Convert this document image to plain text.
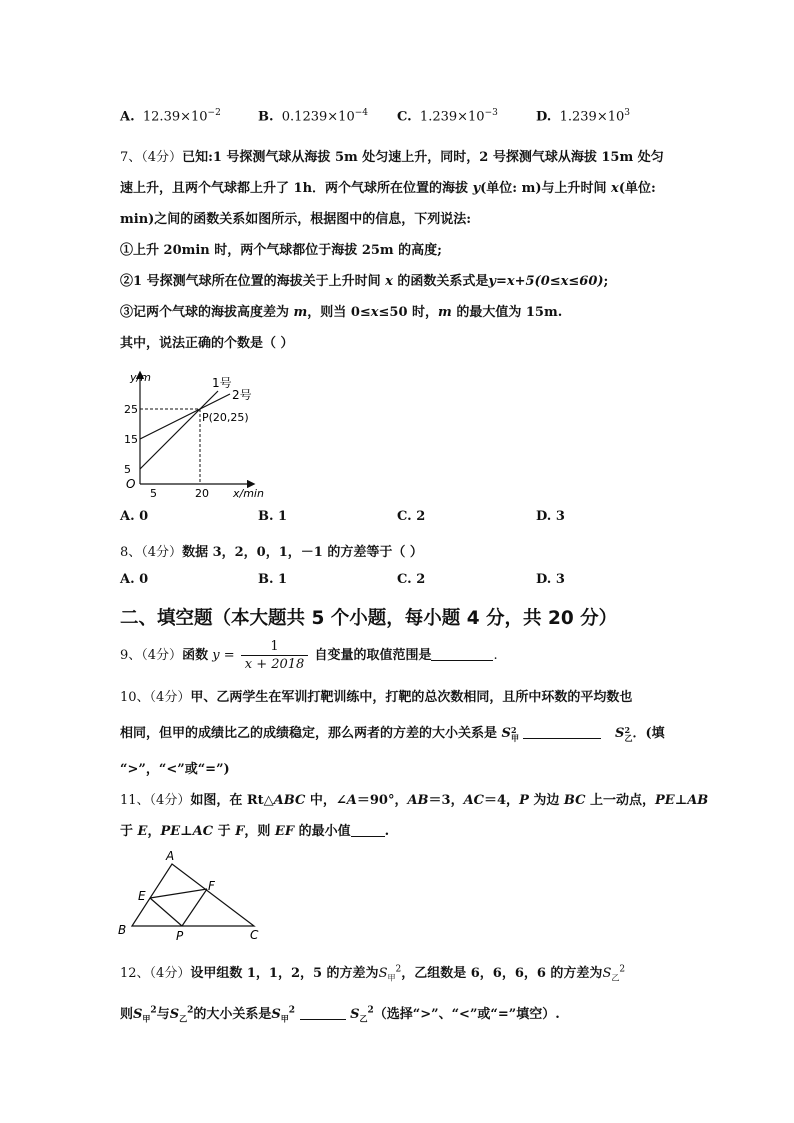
A. $12.39\times 10^{-2}$	B. $0.1239\times 10^{-4}$ C. $1.239\times 10^{-3}$	D. $1.239\times 10^3$
7、（4分）已知:1 号探测气球从海拔 5m 处匀速上升，同时，2 号探测气球从海拔 15m 处匀
速上升，且两个气球都上升了 1h．两个气球所在位置的海拔 y(单位: m)与上升时间 x(单位:
min)之间的函数关系如图所示，根据图中的信息，下列说法:
①上升 20min 时，两个气球都位于海拔 25m 的高度;
②1 号探测气球所在位置的海拔关于上升时间 x 的函数关系式是y=x+5(0≤x≤60);
③记两个气球的海拔高度差为 m，则当 0≤x≤50 时，m 的最大值为 15m.
其中，说法正确的个数是（ ）
y/m
x/min
O
5	20
5
15
25
1号
2号
P(20,25)
A. 0	B. 1	C. 2	D. 3
8、（4分）数据 3，2，0，1，－1 的方差等于（ ）
A. 0	B. 1	C. 2	D. 3
二、填空题（本大题共 5 个小题，每小题 4 分，共 20 分）
9、（4分）函数 $y = \frac{1}{x + 2018}$ 自变量的取值范围是	.
10、（4分）甲、乙两学生在军训打靶训练中，打靶的总次数相同，且所中环数的平均数也
相同，但甲的成绩比乙的成绩稳定，那么两者的方差的大小关系是 S 2
甲	S 2
乙 ．(填
“>”，“<”或“=”)
11、（4分）如图，在 Rt△ABC 中，∠A＝90°，AB＝3，AC＝4，P 为边 BC 上一动点，PE⊥AB
于 E，PE⊥AC 于 F，则 EF 的最小值	.
A
B	C
E
F
P
12、（4分）设甲组数 1，1，2，5 的方差为$S_甲^2$，乙组数是 6，6，6，6 的方差为$S_乙^2$
则$S_甲^2$与$S_乙^2$的大小关系是$S_甲^2$	$S_乙^2$（选择“>”、“<”或“=”填空）.
